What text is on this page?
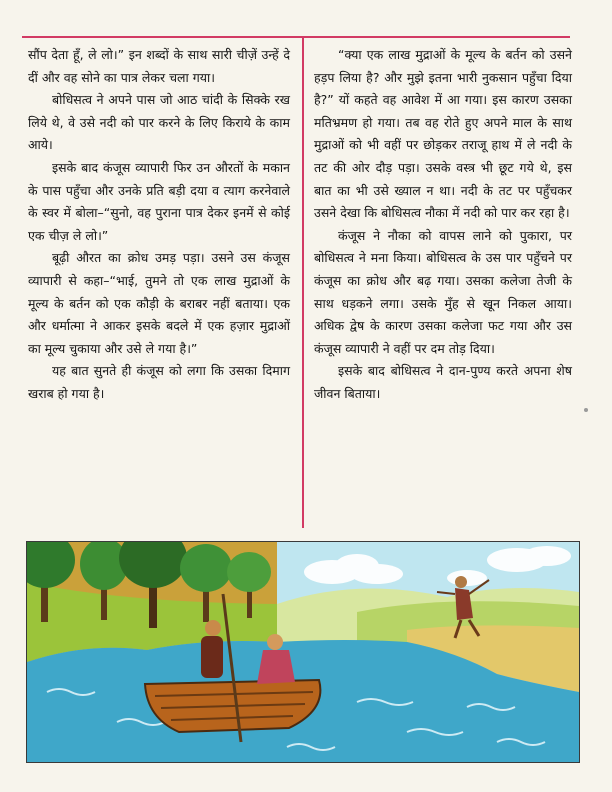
सौंप देता हूँ, ले लो।” इन शब्दों के साथ सारी चीज़ें उन्हें दे दीं और वह सोने का पात्र लेकर चला गया।

बोधिसत्व ने अपने पास जो आठ चांदी के सिक्के रख लिये थे, वे उसे नदी को पार करने के लिए किराये के काम आये।

इसके बाद कंजूस व्यापारी फिर उन औरतों के मकान के पास पहुँचा और उनके प्रति बड़ी दया व त्याग करनेवाले के स्वर में बोला–“सुनो, वह पुराना पात्र देकर इनमें से कोई एक चीज़ ले लो।”

बूढ़ी औरत का क्रोध उमड़ पड़ा। उसने उस कंजूस व्यापारी से कहा–“भाई, तुमने तो एक लाख मुद्राओं के मूल्य के बर्तन को एक कौड़ी के बराबर नहीं बताया। एक और धर्मात्मा ने आकर इसके बदले में एक हज़ार मुद्राओं का मूल्य चुकाया और उसे ले गया है।”

यह बात सुनते ही कंजूस को लगा कि उसका दिमाग खराब हो गया है।

“क्या एक लाख मुद्राओं के मूल्य के बर्तन को उसने हड़प लिया है? और मुझे इतना भारी नुकसान पहुँचा दिया है?” यों कहते वह आवेश में आ गया। इस कारण उसका मतिभ्रमण हो गया। तब वह रोते हुए अपने माल के साथ मुद्राओं को भी वहीं पर छोड़कर तराजू हाथ में ले नदी के तट की ओर दौड़ पड़ा। उसके वस्त्र भी छूट गये थे, इस बात का भी उसे ख्याल न था। नदी के तट पर पहुँचकर उसने देखा कि बोधिसत्व नौका में नदी को पार कर रहा है।

कंजूस ने नौका को वापस लाने को पुकारा, पर बोधिसत्व ने मना किया। बोधिसत्व के उस पार पहुँचने पर कंजूस का क्रोध और बढ़ गया। उसका कलेजा तेजी के साथ धड़कने लगा। उसके मुँह से खून निकल आया। अधिक द्वेष के कारण उसका कलेजा फट गया और उस कंजूस व्यापारी ने वहीं पर दम तोड़ दिया।

इसके बाद बोधिसत्व ने दान-पुण्य करते अपना शेष जीवन बिताया।
